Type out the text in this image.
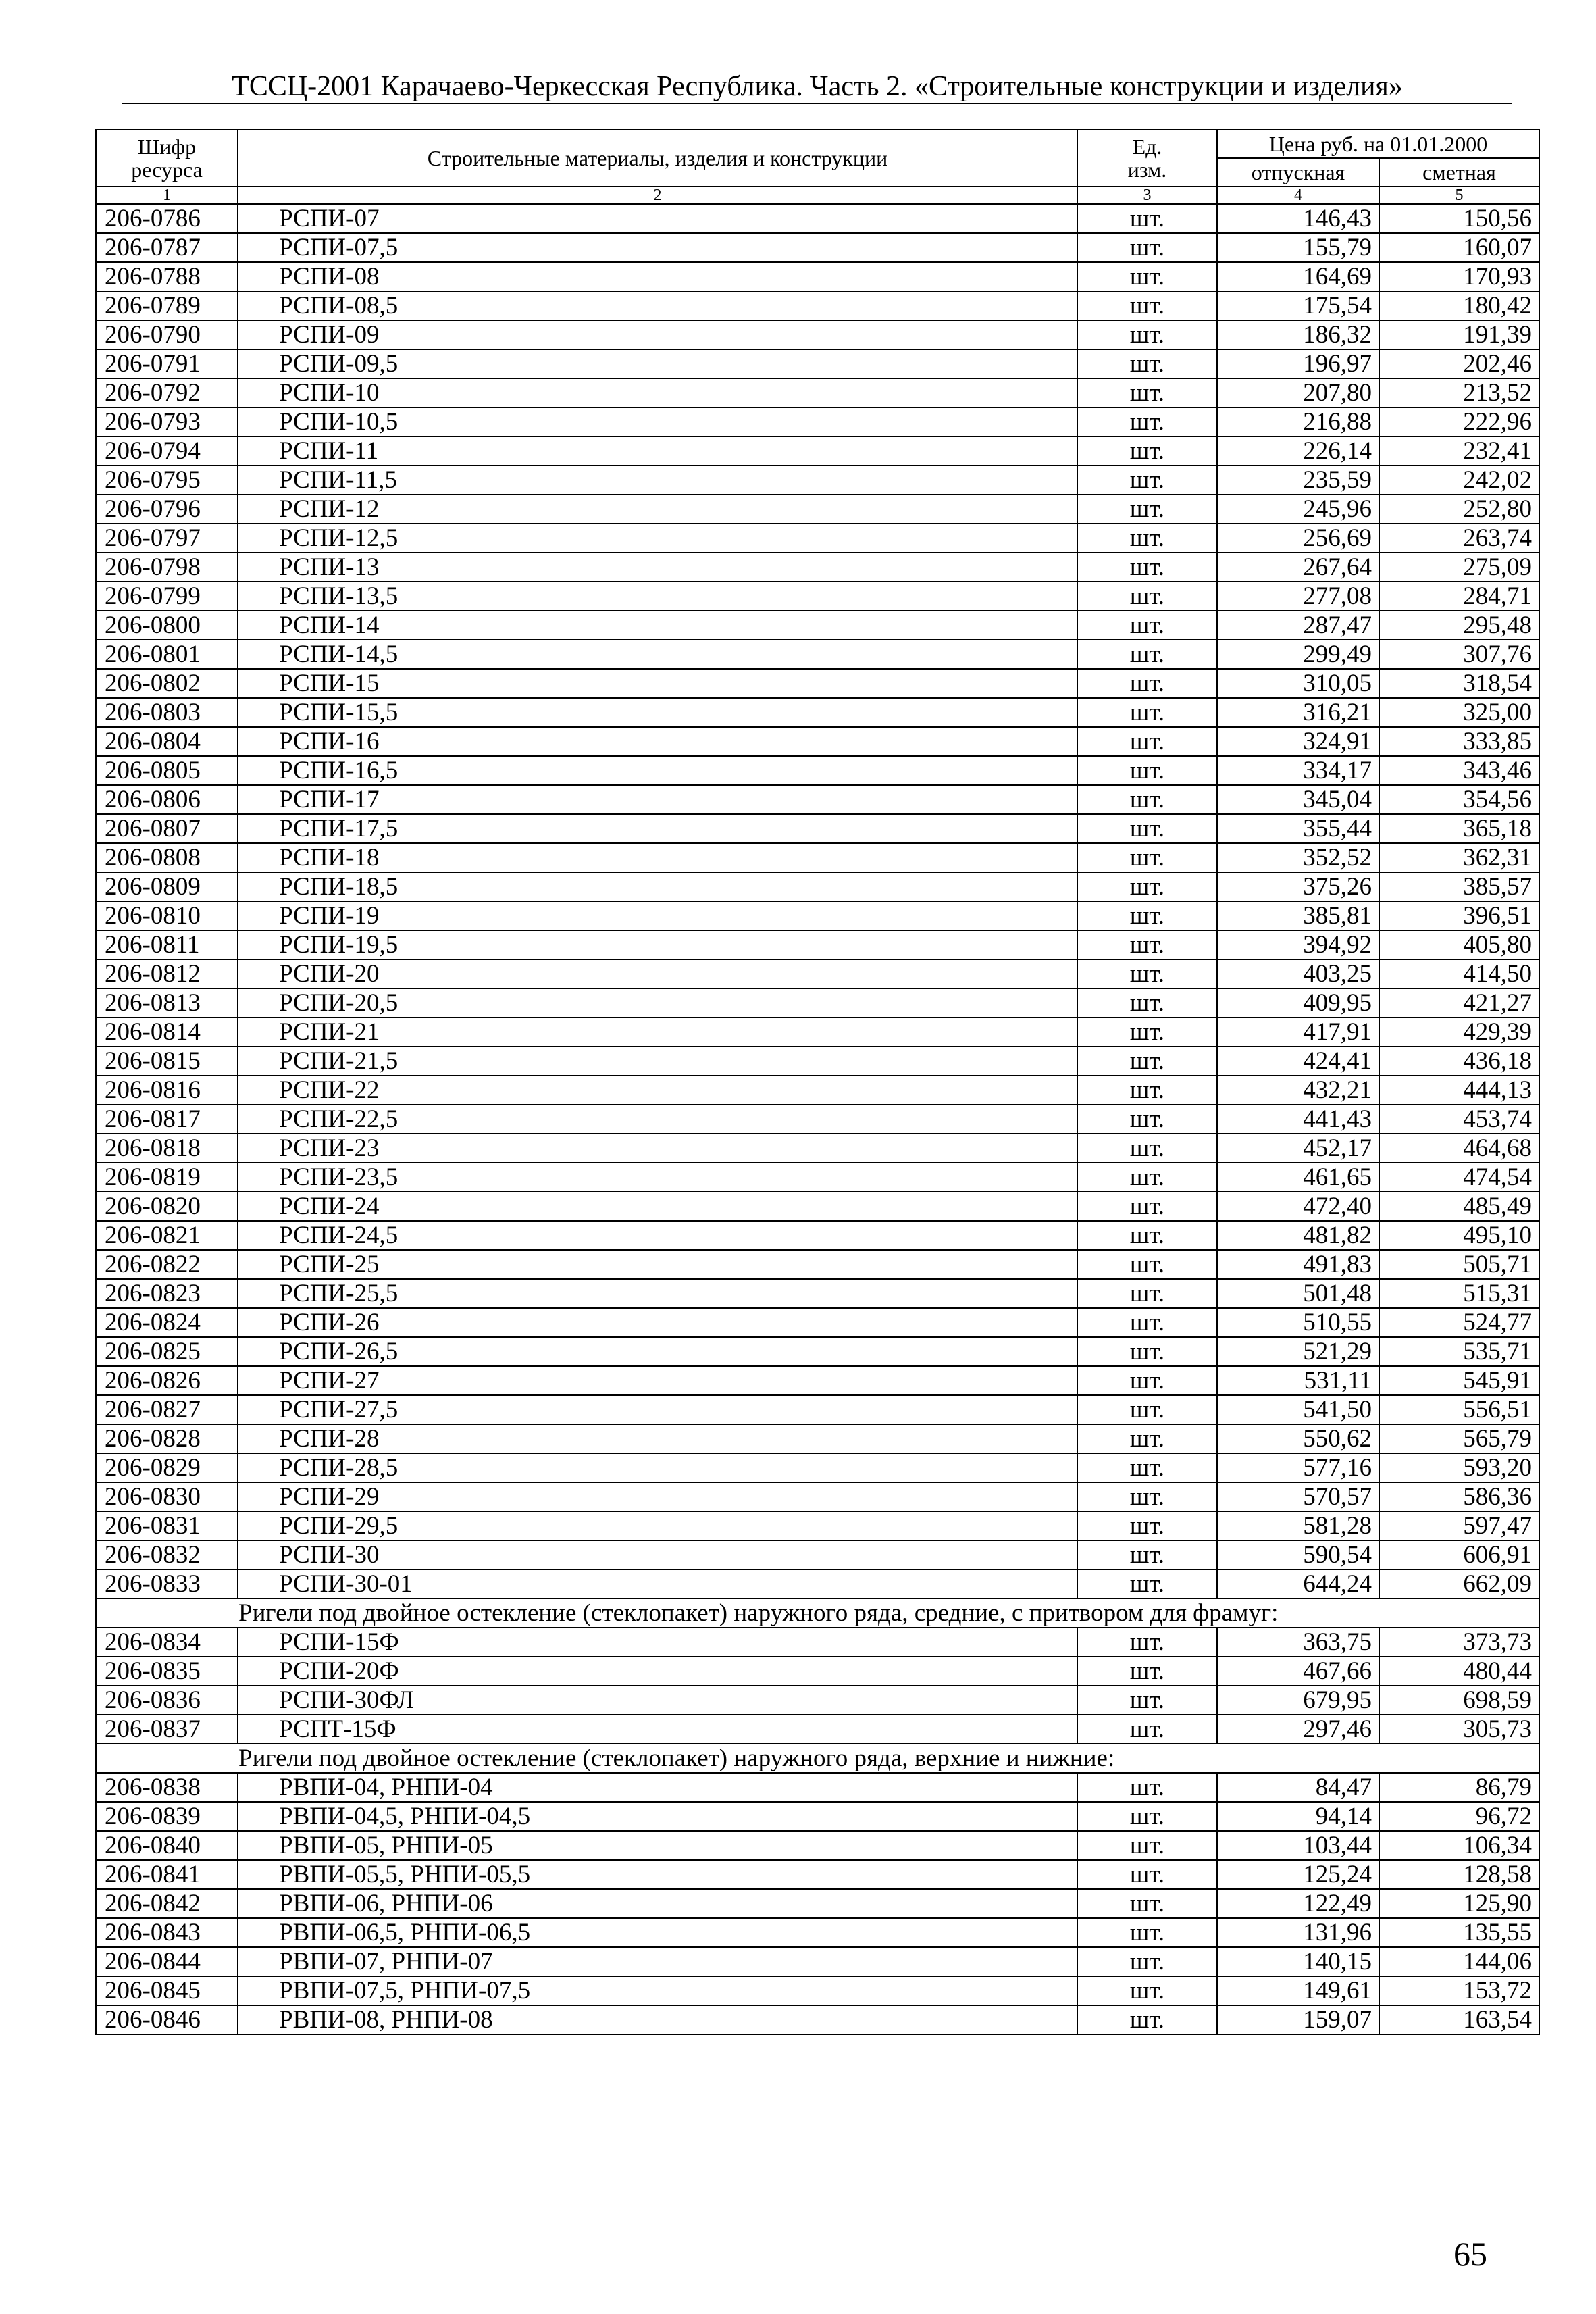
ТССЦ-2001 Карачаево-Черкесская Республика. Часть 2. «Строительные конструкции и изделия»
Шифр ресурса	Строительные материалы, изделия и конструкции	Ед. изм.	Цена руб. на 01.01.2000	
			отпускная	сметная
1	2	3	4	5
206-0786	РСПИ-07	шт.	146,43	150,56
206-0787	РСПИ-07,5	шт.	155,79	160,07
206-0788	РСПИ-08	шт.	164,69	170,93
206-0789	РСПИ-08,5	шт.	175,54	180,42
206-0790	РСПИ-09	шт.	186,32	191,39
206-0791	РСПИ-09,5	шт.	196,97	202,46
206-0792	РСПИ-10	шт.	207,80	213,52
206-0793	РСПИ-10,5	шт.	216,88	222,96
206-0794	РСПИ-11	шт.	226,14	232,41
206-0795	РСПИ-11,5	шт.	235,59	242,02
206-0796	РСПИ-12	шт.	245,96	252,80
206-0797	РСПИ-12,5	шт.	256,69	263,74
206-0798	РСПИ-13	шт.	267,64	275,09
206-0799	РСПИ-13,5	шт.	277,08	284,71
206-0800	РСПИ-14	шт.	287,47	295,48
206-0801	РСПИ-14,5	шт.	299,49	307,76
206-0802	РСПИ-15	шт.	310,05	318,54
206-0803	РСПИ-15,5	шт.	316,21	325,00
206-0804	РСПИ-16	шт.	324,91	333,85
206-0805	РСПИ-16,5	шт.	334,17	343,46
206-0806	РСПИ-17	шт.	345,04	354,56
206-0807	РСПИ-17,5	шт.	355,44	365,18
206-0808	РСПИ-18	шт.	352,52	362,31
206-0809	РСПИ-18,5	шт.	375,26	385,57
206-0810	РСПИ-19	шт.	385,81	396,51
206-0811	РСПИ-19,5	шт.	394,92	405,80
206-0812	РСПИ-20	шт.	403,25	414,50
206-0813	РСПИ-20,5	шт.	409,95	421,27
206-0814	РСПИ-21	шт.	417,91	429,39
206-0815	РСПИ-21,5	шт.	424,41	436,18
206-0816	РСПИ-22	шт.	432,21	444,13
206-0817	РСПИ-22,5	шт.	441,43	453,74
206-0818	РСПИ-23	шт.	452,17	464,68
206-0819	РСПИ-23,5	шт.	461,65	474,54
206-0820	РСПИ-24	шт.	472,40	485,49
206-0821	РСПИ-24,5	шт.	481,82	495,10
206-0822	РСПИ-25	шт.	491,83	505,71
206-0823	РСПИ-25,5	шт.	501,48	515,31
206-0824	РСПИ-26	шт.	510,55	524,77
206-0825	РСПИ-26,5	шт.	521,29	535,71
206-0826	РСПИ-27	шт.	531,11	545,91
206-0827	РСПИ-27,5	шт.	541,50	556,51
206-0828	РСПИ-28	шт.	550,62	565,79
206-0829	РСПИ-28,5	шт.	577,16	593,20
206-0830	РСПИ-29	шт.	570,57	586,36
206-0831	РСПИ-29,5	шт.	581,28	597,47
206-0832	РСПИ-30	шт.	590,54	606,91
206-0833	РСПИ-30-01	шт.	644,24	662,09
Ригели под двойное остекление (стеклопакет) наружного ряда, средние, с притвором для фрамуг:				
206-0834	РСПИ-15Ф	шт.	363,75	373,73
206-0835	РСПИ-20Ф	шт.	467,66	480,44
206-0836	РСПИ-30ФЛ	шт.	679,95	698,59
206-0837	РСПТ-15Ф	шт.	297,46	305,73
Ригели под двойное остекление (стеклопакет) наружного ряда, верхние и нижние:				
206-0838	РВПИ-04, РНПИ-04	шт.	84,47	86,79
206-0839	РВПИ-04,5, РНПИ-04,5	шт.	94,14	96,72
206-0840	РВПИ-05, РНПИ-05	шт.	103,44	106,34
206-0841	РВПИ-05,5, РНПИ-05,5	шт.	125,24	128,58
206-0842	РВПИ-06, РНПИ-06	шт.	122,49	125,90
206-0843	РВПИ-06,5, РНПИ-06,5	шт.	131,96	135,55
206-0844	РВПИ-07, РНПИ-07	шт.	140,15	144,06
206-0845	РВПИ-07,5, РНПИ-07,5	шт.	149,61	153,72
206-0846	РВПИ-08, РНПИ-08	шт.	159,07	163,54
65
